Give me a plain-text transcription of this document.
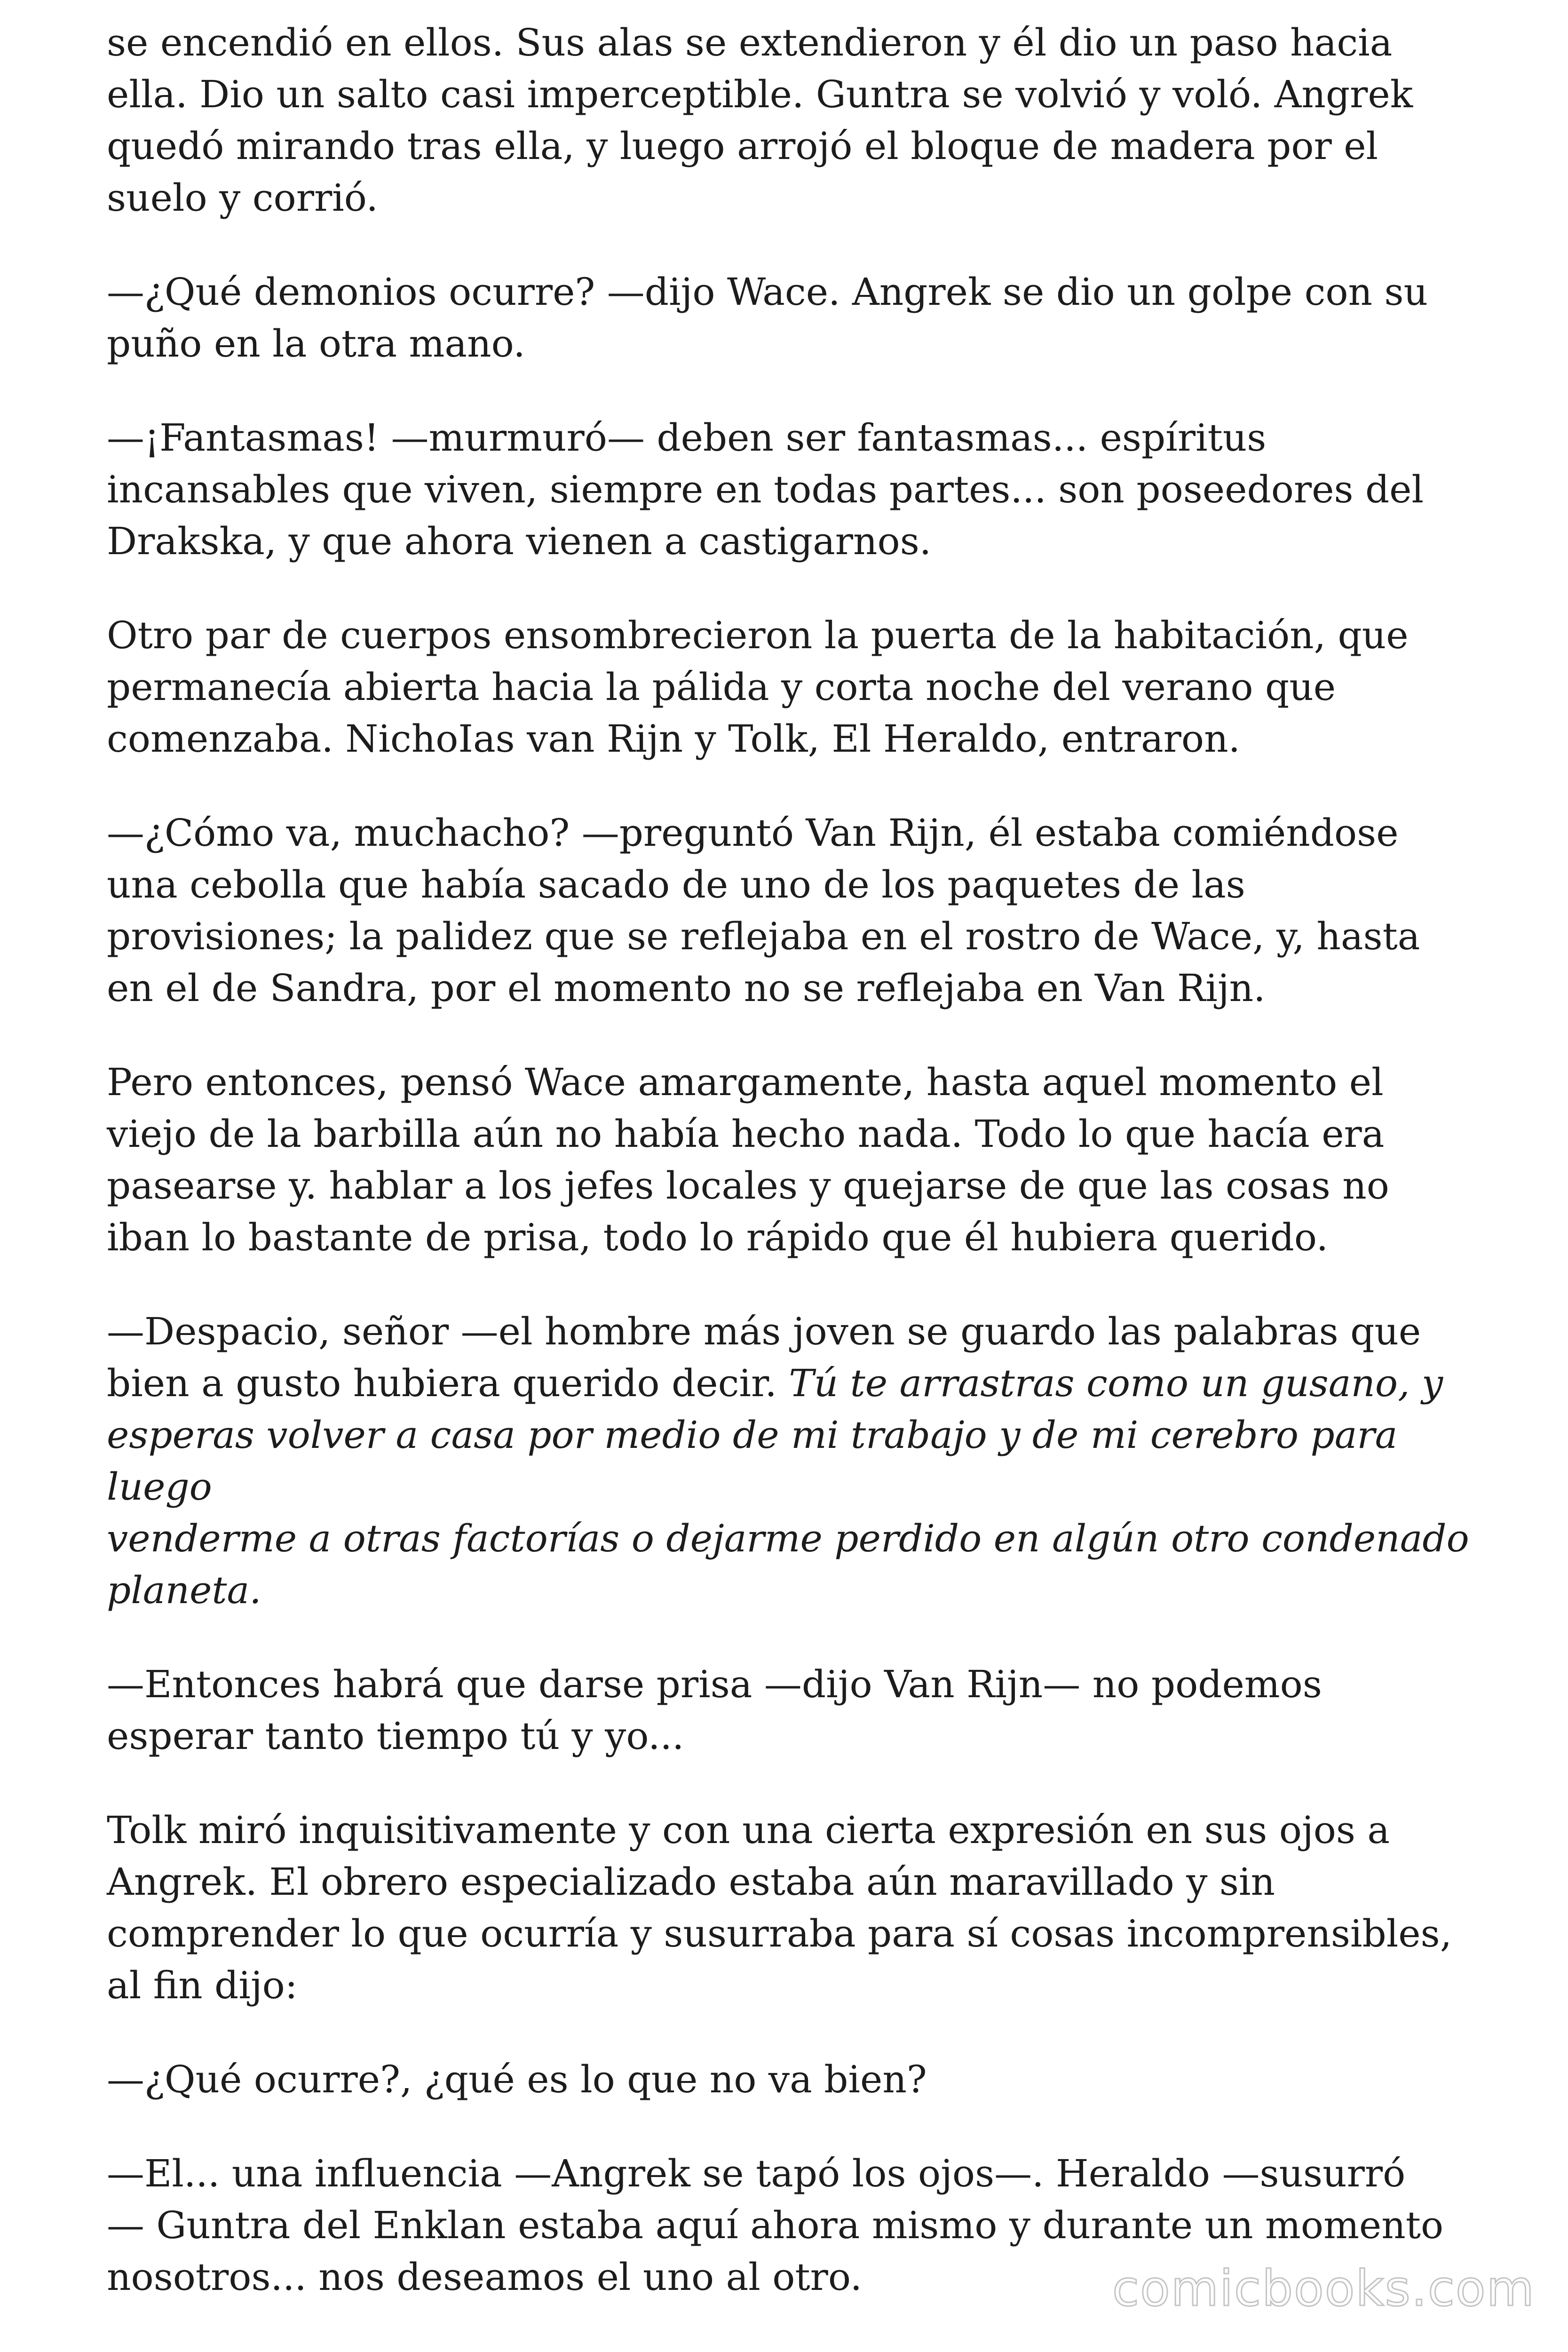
se encendió en ellos. Sus alas se extendieron y él dio un paso hacia
ella. Dio un salto casi imperceptible. Guntra se volvió y voló. Angrek
quedó mirando tras ella, y luego arrojó el bloque de madera por el
suelo y corrió.

—¿Qué demonios ocurre? —dijo Wace. Angrek se dio un golpe con su
puño en la otra mano.

—¡Fantasmas! —murmuró— deben ser fantasmas... espíritus
incansables que viven, siempre en todas partes... son poseedores del
Drakska, y que ahora vienen a castigarnos.

Otro par de cuerpos ensombrecieron la puerta de la habitación, que
permanecía abierta hacia la pálida y corta noche del verano que
comenzaba. NichoIas van Rijn y Tolk, El Heraldo, entraron.

—¿Cómo va, muchacho? —preguntó Van Rijn, él estaba comiéndose
una cebolla que había sacado de uno de los paquetes de las
provisiones; la palidez que se reflejaba en el rostro de Wace, y, hasta
en el de Sandra, por el momento no se reflejaba en Van Rijn.

Pero entonces, pensó Wace amargamente, hasta aquel momento el
viejo de la barbilla aún no había hecho nada. Todo lo que hacía era
pasearse y. hablar a los jefes locales y quejarse de que las cosas no
iban lo bastante de prisa, todo lo rápido que él hubiera querido.

—Despacio, señor —el hombre más joven se guardo las palabras que
bien a gusto hubiera querido decir. Tú te arrastras como un gusano, y
esperas volver a casa por medio de mi trabajo y de mi cerebro para luego
venderme a otras factorías o dejarme perdido en algún otro condenado
planeta.

—Entonces habrá que darse prisa —dijo Van Rijn— no podemos
esperar tanto tiempo tú y yo...

Tolk miró inquisitivamente y con una cierta expresión en sus ojos a
Angrek. El obrero especializado estaba aún maravillado y sin
comprender lo que ocurría y susurraba para sí cosas incomprensibles,
al fin dijo:

—¿Qué ocurre?, ¿qué es lo que no va bien?

—El... una influencia —Angrek se tapó los ojos—. Heraldo —susurró
— Guntra del Enklan estaba aquí ahora mismo y durante un momento
nosotros... nos deseamos el uno al otro.	comicbooks.com
